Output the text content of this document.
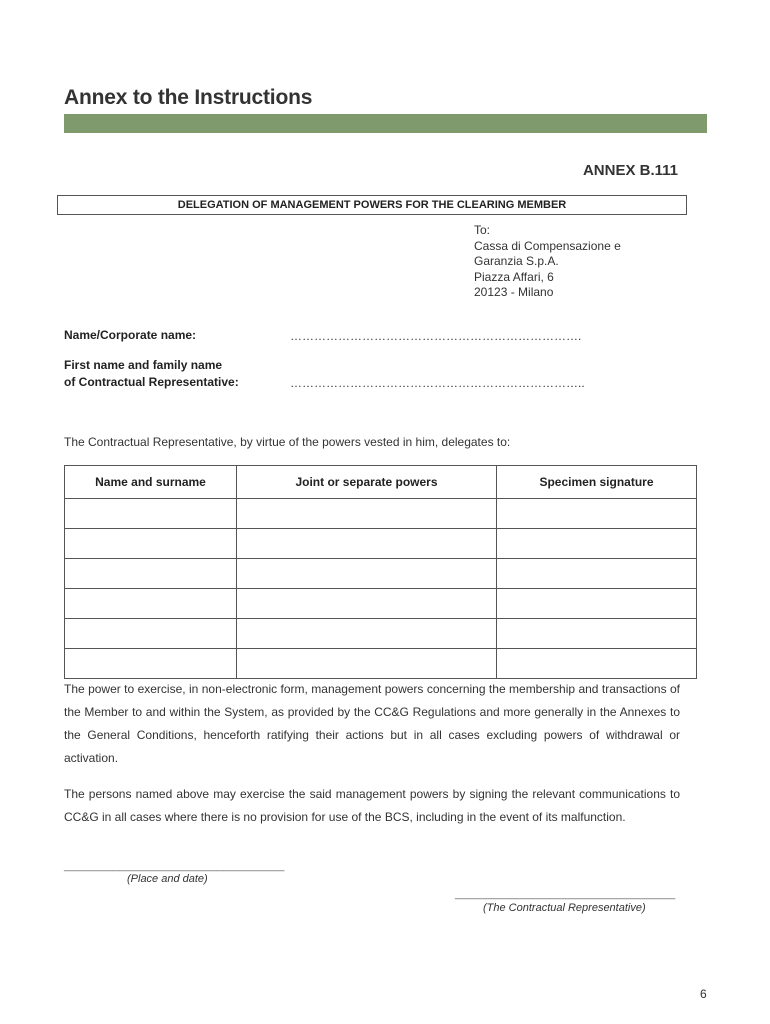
Annex to the Instructions
ANNEX B.111
DELEGATION OF MANAGEMENT POWERS FOR THE CLEARING MEMBER
To:
Cassa di Compensazione e
Garanzia S.p.A.
Piazza Affari, 6
20123 - Milano
Name/Corporate name:	……………………………………………………………….
First name and family name
of Contractual Representative:	………………………………………………………………..
The Contractual Representative, by virtue of the powers vested in him, delegates to:
Name and surname	Joint or separate powers	Specimen signature

The power to exercise, in non-electronic form, management powers concerning the membership and transactions of the Member to and within the System, as provided by the CC&G Regulations and more generally in the Annexes to the General Conditions, henceforth ratifying their actions but in all cases excluding powers of withdrawal or activation.
The persons named above may exercise the said management powers by signing the relevant communications to CC&G in all cases where there is no provision for use of the BCS, including in the event of its malfunction.
____________________________________
(Place and date)
____________________________________
(The Contractual Representative)
6
